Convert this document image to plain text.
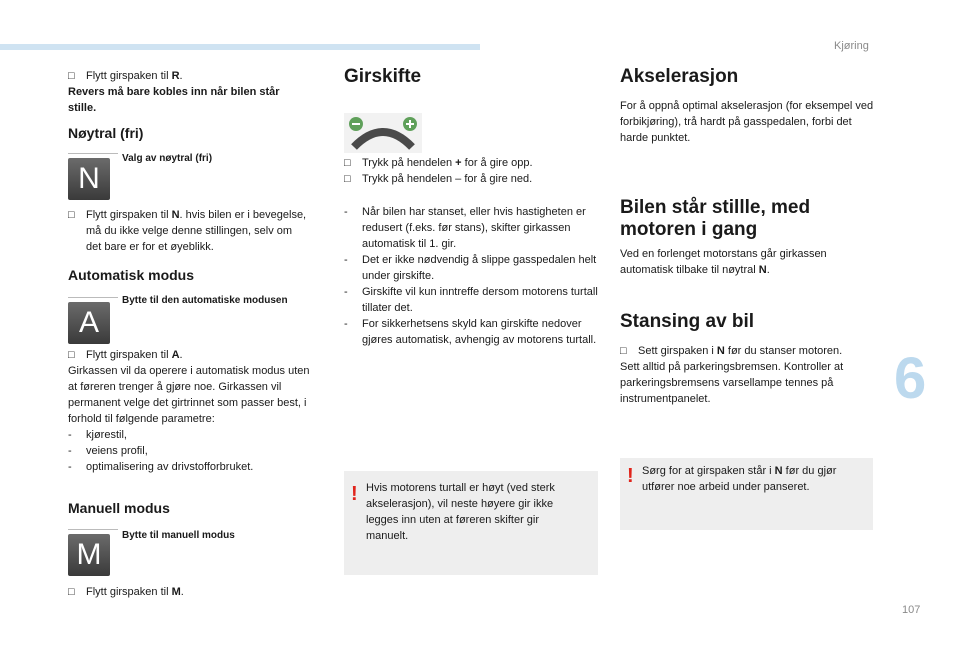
Kjøring
6
107
□	Flytt girspaken til R.

Revers må bare kobles inn når bilen står stille.

Nøytral (fri)
N
Valg av nøytral (fri)
□	Flytt girspaken til N. hvis bilen er i bevegelse, må du ikke velge denne stillingen, selv om det bare er for et øyeblikk.
Automatisk modus
A
Bytte til den automatiske modusen
□	Flytt girspaken til A.

Girkassen vil da operere i automatisk modus uten at føreren trenger å gjøre noe. Girkassen vil permanent velge det girtrinnet som passer best, i forhold til følgende parametre:

-	kjørestil,
-	veiens profil,
-	optimalisering av drivstofforbruket.
Manuell modus
M
Bytte til manuell modus
□	Flytt girspaken til M.
Girskifte
□	Trykk på hendelen + for å gire opp.
□	Trykk på hendelen – for å gire ned.
-	Når bilen har stanset, eller hvis hastigheten er redusert (f.eks. før stans), skifter girkassen automatisk til 1. gir.
-	Det er ikke nødvendig å slippe gasspedalen helt under girskifte.
-	Girskifte vil kun inntreffe dersom motorens turtall tillater det.
-	For sikkerhetsens skyld kan girskifte nedover gjøres automatisk, avhengig av motorens turtall.
! Hvis motorens turtall er høyt (ved sterk akselerasjon), vil neste høyere gir ikke legges inn uten at føreren skifter gir manuelt.

Akselerasjon

For å oppnå optimal akselerasjon (for eksempel ved forbikjøring), trå hardt på gasspedalen, forbi det harde punktet.

Bilen står stillle, med
motoren i gang

Ved en forlenget motorstans går girkassen automatisk tilbake til nøytral N.

Stansing av bil
□	Sett girspaken i N før du stanser motoren.

Sett alltid på parkeringsbremsen. Kontroller at parkeringsbremsens varsellampe tennes på instrumentpanelet.

! Sørg for at girspaken står i N før du gjør utfører noe arbeid under panseret.
